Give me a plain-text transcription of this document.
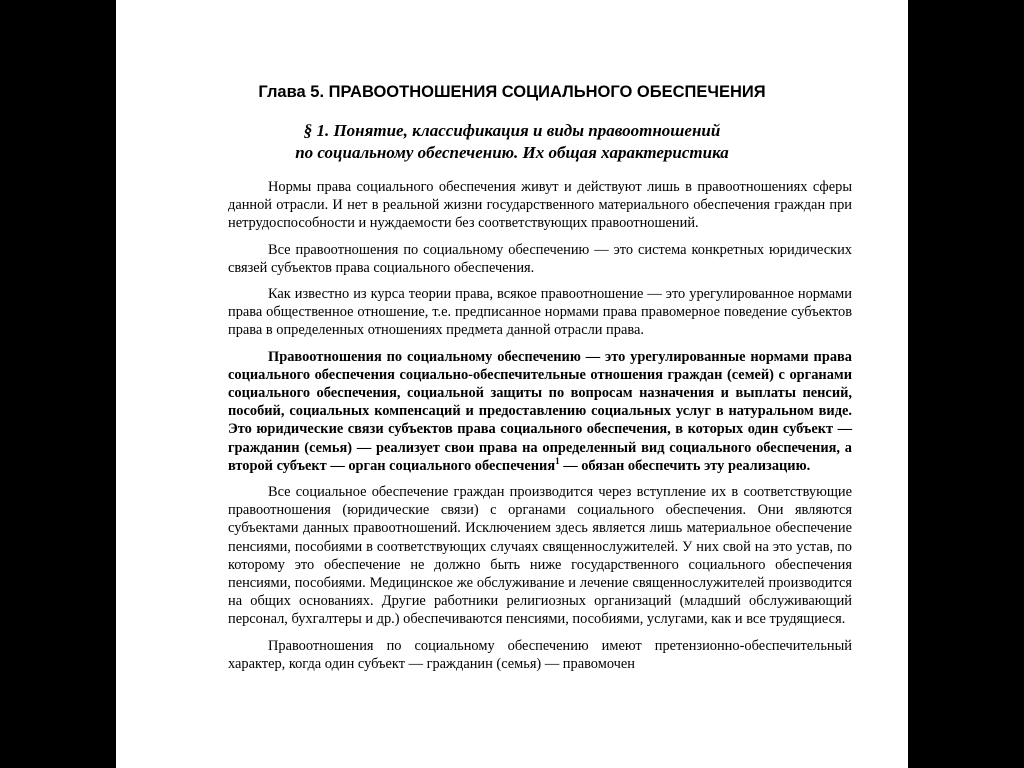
Глава 5. ПРАВООТНОШЕНИЯ СОЦИАЛЬНОГО ОБЕСПЕЧЕНИЯ
§ 1. Понятие, классификация и виды правоотношений
по социальному обеспечению. Их общая характеристика

Нормы права социального обеспечения живут и действуют лишь в правоотношениях сферы данной отрасли. И нет в реальной жизни государственного материального обеспечения граждан при нетрудоспособности и нуждаемости без соответствующих правоотношений.

Все правоотношения по социальному обеспечению — это система конкретных юридических связей субъектов права социального обеспечения.

Как известно из курса теории права, всякое правоотношение — это урегулированное нормами права общественное отношение, т.е. предписанное нормами права правомерное поведение субъектов права в определенных отношениях предмета данной отрасли права.

Правоотношения по социальному обеспечению — это урегулированные нормами права социального обеспечения социально-обеспечительные отношения граждан (семей) с органами социального обеспечения, социальной защиты по вопросам назначения и выплаты пенсий, пособий, социальных компенсаций и предоставлению социальных услуг в натуральном виде. Это юридические связи субъектов права социального обеспечения, в которых один субъект — гражданин (семья) — реализует свои права на определенный вид социального обеспечения, а второй субъект — орган социального обеспечения$^1$ — обязан обеспечить эту реализацию.

Все социальное обеспечение граждан производится через вступление их в соответствующие правоотношения (юридические связи) с органами социального обеспечения. Они являются субъектами данных правоотношений. Исключением здесь является лишь материальное обеспечение пенсиями, пособиями в соответствующих случаях священнослужителей. У них свой на это устав, по которому это обеспечение не должно быть ниже государственного социального обеспечения пенсиями, пособиями. Медицинское же обслуживание и лечение священнослужителей производится на общих основаниях. Другие работники религиозных организаций (младший обслуживающий персонал, бухгалтеры и др.) обеспечиваются пенсиями, пособиями, услугами, как и все трудящиеся.

Правоотношения по социальному обеспечению имеют претензионно-обеспечительный характер, когда один субъект — гражданин (семья) — правомочен
